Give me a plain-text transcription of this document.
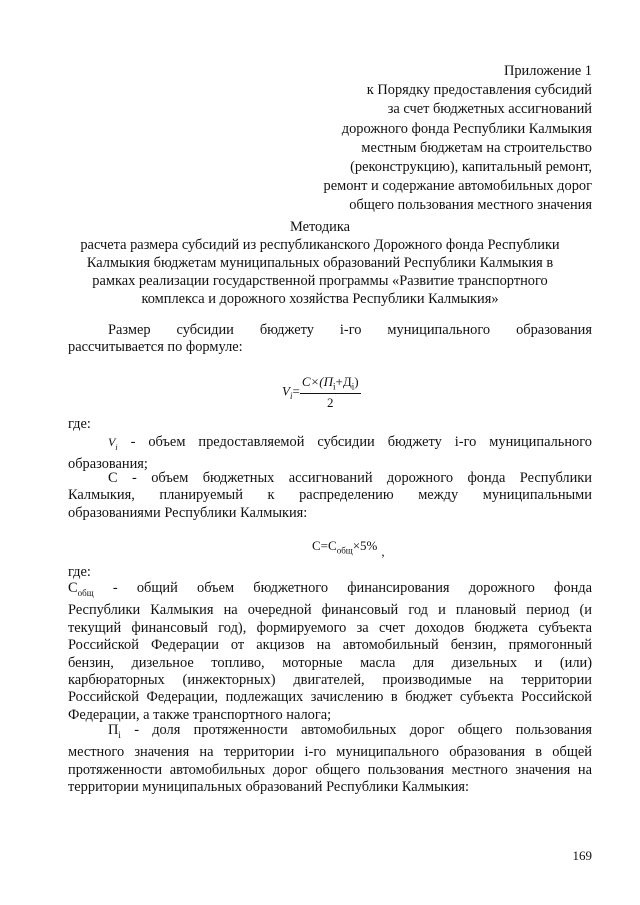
Приложение 1
к Порядку предоставления субсидий
за счет бюджетных ассигнований
дорожного фонда Республики Калмыкия
местным бюджетам на строительство
(реконструкцию), капитальный ремонт,
ремонт и содержание автомобильных дорог
общего пользования местного значения
Методика
расчета размера субсидий из республиканского Дорожного фонда Республики
Калмыкия бюджетам муниципальных образований Республики Калмыкия в
рамках реализации государственной программы «Развитие транспортного
комплекса и дорожного хозяйства Республики Калмыкия»
Размер субсидии бюджету i-го муниципального образования
рассчитывается по формуле:
$V_i= \frac{C\times(П_i+Д_i)}{2}$
где:
$V_i$ - объем предоставляемой субсидии бюджету i-го муниципального
образования;
С - объем бюджетных ассигнований дорожного фонда Республики
Калмыкия, планируемый к распределению между муниципальными
образованиями Республики Калмыкия:
$C=C_{общ}\times 5\%$ ,
где:
$C_{общ}$ - общий объем бюджетного финансирования дорожного фонда
Республики Калмыкия на очередной финансовый год и плановый период (и
текущий финансовый год), формируемого за счет доходов бюджета субъекта
Российской Федерации от акцизов на автомобильный бензин, прямогонный
бензин, дизельное топливо, моторные масла для дизельных и (или)
карбюраторных (инжекторных) двигателей, производимые на территории
Российской Федерации, подлежащих зачислению в бюджет субъекта Российской
Федерации, а также транспортного налога;
$П_i$ - доля протяженности автомобильных дорог общего пользования
местного значения на территории i-го муниципального образования в общей
протяженности автомобильных дорог общего пользования местного значения на
территории муниципальных образований Республики Калмыкия:
169
